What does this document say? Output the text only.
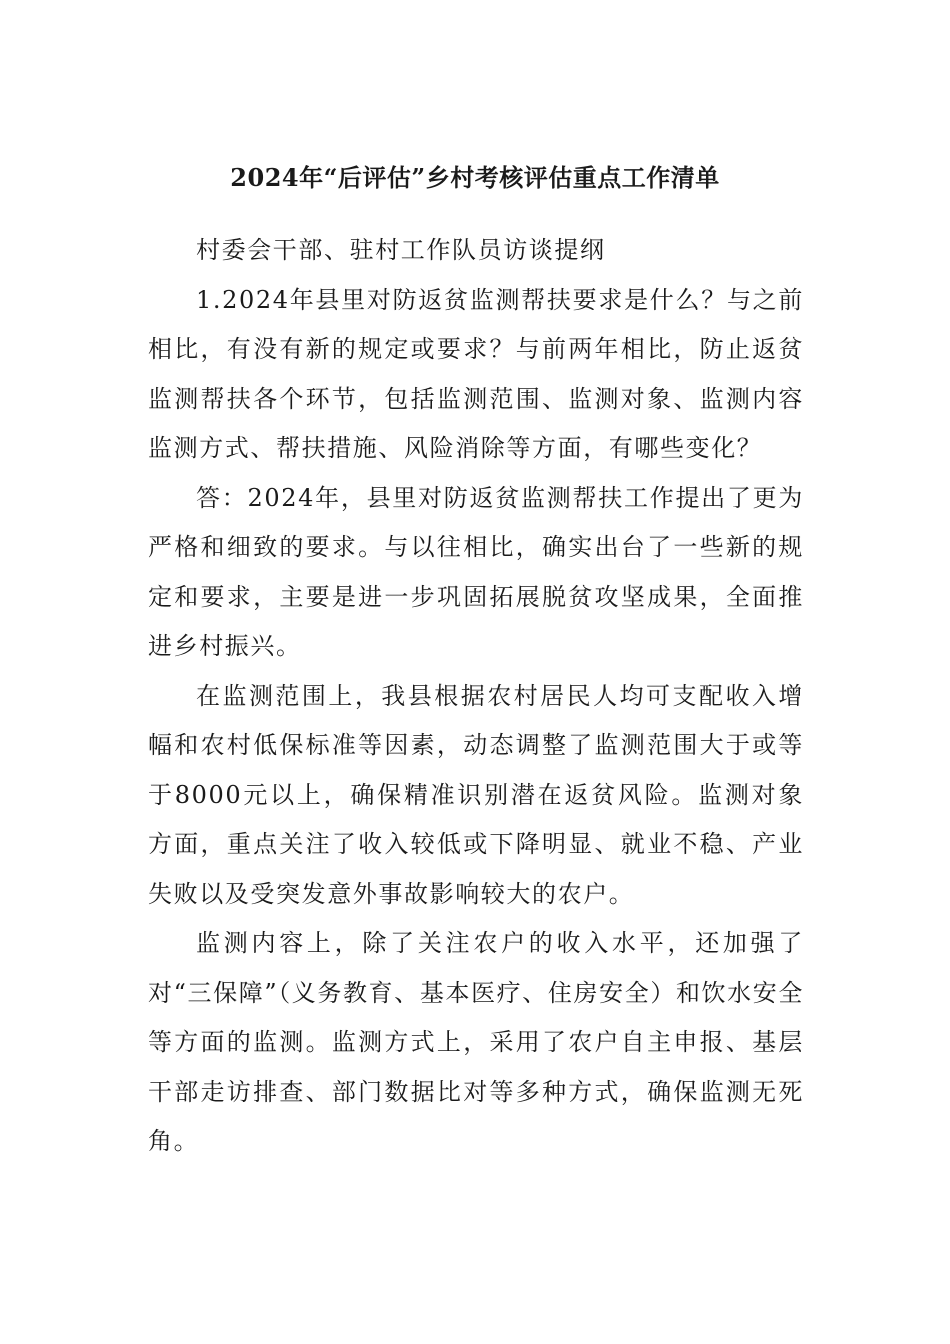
2024年“后评估”乡村考核评估重点工作清单

村委会干部、驻村工作队员访谈提纲

1.2024年县里对防返贫监测帮扶要求是什么？与之前相比，有没有新的规定或要求？与前两年相比，防止返贫监测帮扶各个环节，包括监测范围、监测对象、监测内容监测方式、帮扶措施、风险消除等方面，有哪些变化？

答：2024年，县里对防返贫监测帮扶工作提出了更为严格和细致的要求。与以往相比，确实出台了一些新的规定和要求，主要是进一步巩固拓展脱贫攻坚成果，全面推进乡村振兴。

在监测范围上，我县根据农村居民人均可支配收入增幅和农村低保标准等因素，动态调整了监测范围大于或等于8000元以上，确保精准识别潜在返贫风险。监测对象方面，重点关注了收入较低或下降明显、就业不稳、产业失败以及受突发意外事故影响较大的农户。

监测内容上，除了关注农户的收入水平，还加强了对“三保障”（义务教育、基本医疗、住房安全）和饮水安全等方面的监测。监测方式上，采用了农户自主申报、基层干部走访排查、部门数据比对等多种方式，确保监测无死角。
